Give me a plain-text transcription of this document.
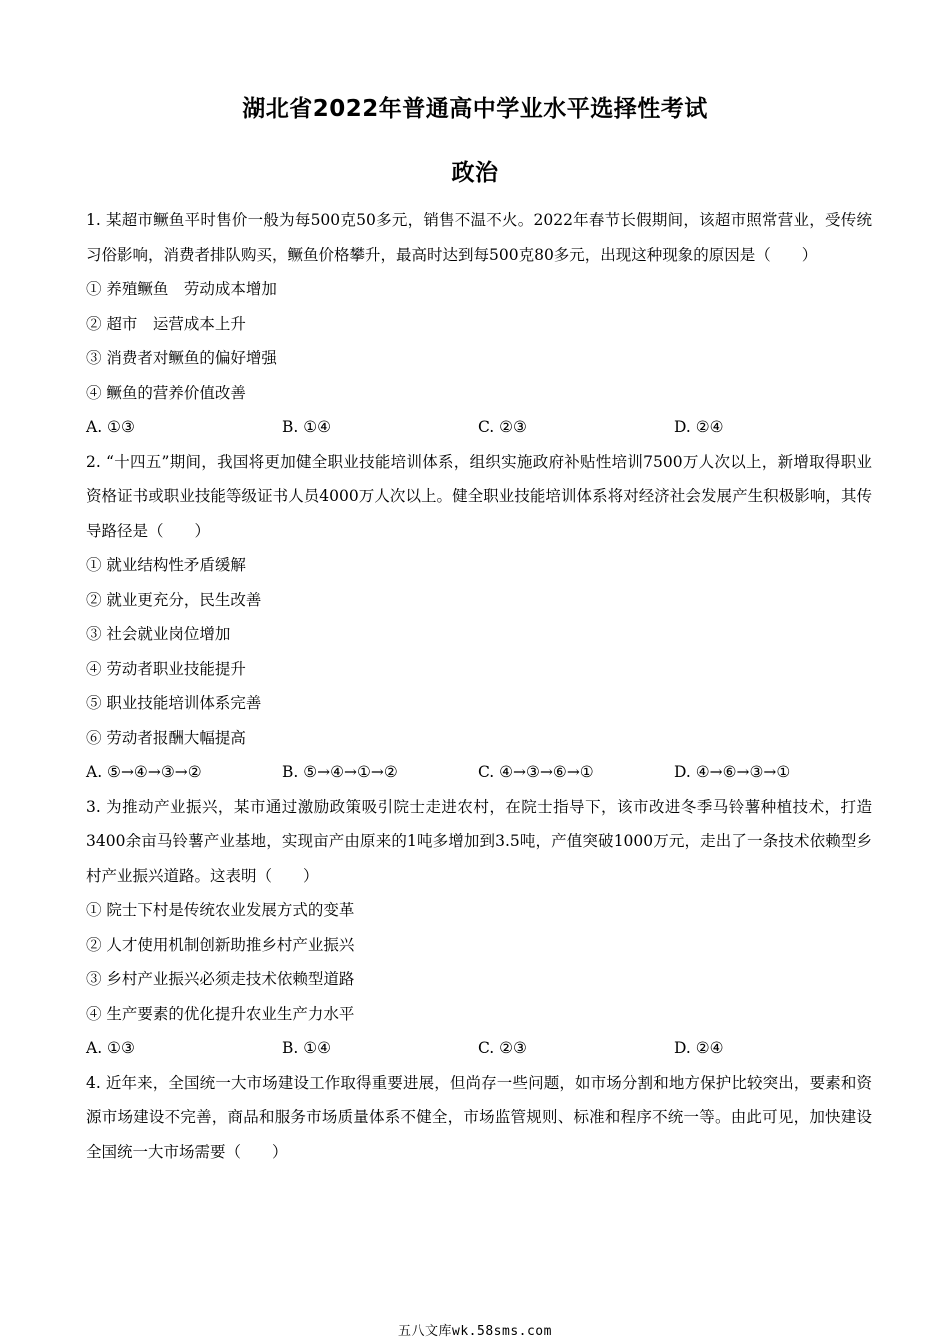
湖北省2022年普通高中学业水平选择性考试
政治
1. 某超市鳜鱼平时售价一般为每500克50多元，销售不温不火。2022年春节长假期间，该超市照常营业，受传统习俗影响，消费者排队购买，鳜鱼价格攀升，最高时达到每500克80多元，出现这种现象的原因是（　　）
① 养殖鳜鱼　劳动成本增加
② 超市　运营成本上升
③ 消费者对鳜鱼的偏好增强
④ 鳜鱼的营养价值改善
A. ①③	B. ①④	C. ②③	D. ②④
2. “十四五”期间，我国将更加健全职业技能培训体系，组织实施政府补贴性培训7500万人次以上，新增取得职业资格证书或职业技能等级证书人员4000万人次以上。健全职业技能培训体系将对经济社会发展产生积极影响，其传导路径是（　　）
① 就业结构性矛盾缓解
② 就业更充分，民生改善
③ 社会就业岗位增加
④ 劳动者职业技能提升
⑤ 职业技能培训体系完善
⑥ 劳动者报酬大幅提高
A. ⑤→④→③→②	B. ⑤→④→①→②	C. ④→③→⑥→①	D. ④→⑥→③→①
3. 为推动产业振兴，某市通过激励政策吸引院士走进农村，在院士指导下，该市改进冬季马铃薯种植技术，打造3400余亩马铃薯产业基地，实现亩产由原来的1吨多增加到3.5吨，产值突破1000万元，走出了一条技术依赖型乡村产业振兴道路。这表明（　　）
① 院士下村是传统农业发展方式的变革
② 人才使用机制创新助推乡村产业振兴
③ 乡村产业振兴必须走技术依赖型道路
④ 生产要素的优化提升农业生产力水平
A. ①③	B. ①④	C. ②③	D. ②④
4. 近年来，全国统一大市场建设工作取得重要进展，但尚存一些问题，如市场分割和地方保护比较突出，要素和资源市场建设不完善，商品和服务市场质量体系不健全，市场监管规则、标准和程序不统一等。由此可见，加快建设全国统一大市场需要（　　）
五八文库wk.58sms.com
